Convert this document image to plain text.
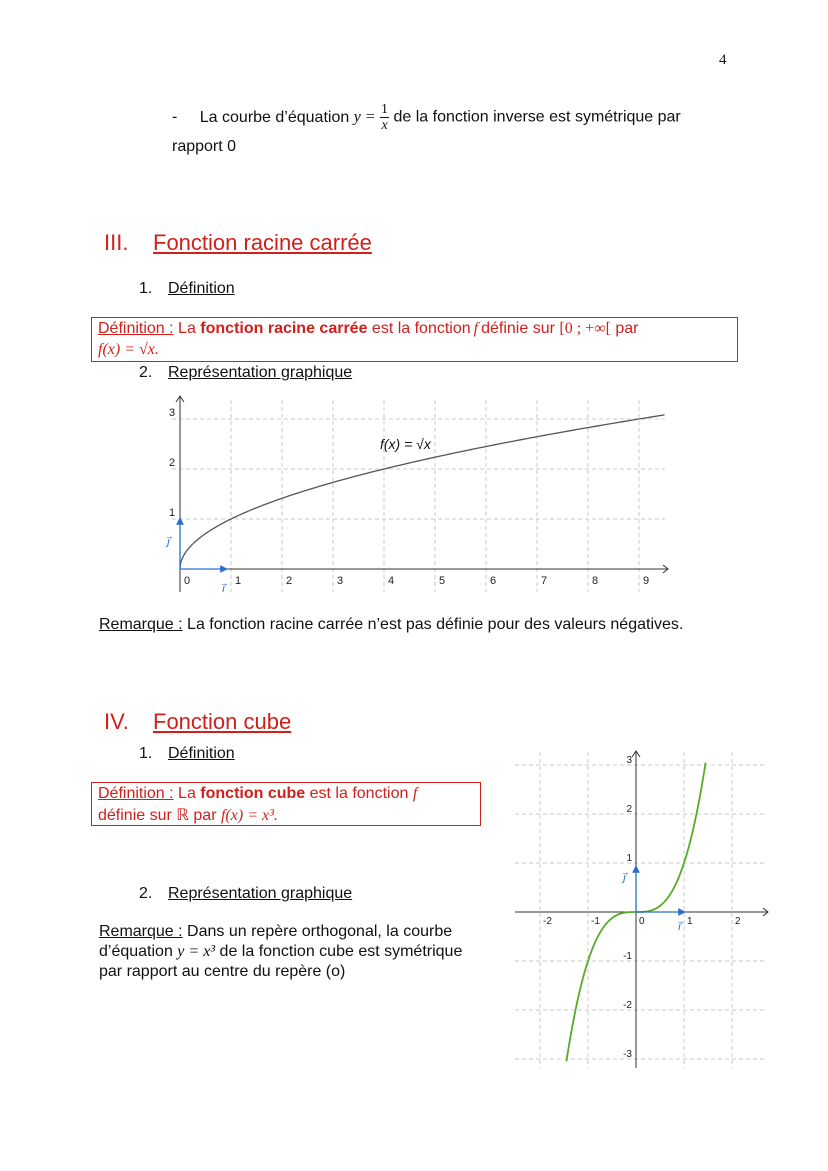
4
- La courbe d’équation $y = \frac{1}{x}$ de la fonction inverse est symétrique par
rapport 0
III. Fonction racine carrée
1. Définition
Définition : La fonction racine carrée est la fonction f définie sur [0 ; +∞[ par
f(x) = √x.
2. Représentation graphique
0	1	2	3	4	5	6	7	8	9
1
2
3
i⃗
j⃗
f(x) = √x
Remarque : La fonction racine carrée n’est pas définie pour des valeurs négatives.
IV. Fonction cube
1. Définition
Définition : La fonction cube est la fonction f
définie sur ℝ par f(x) = x³.
2. Représentation graphique
Remarque : Dans un repère orthogonal, la courbe
d’équation y = x³ de la fonction cube est symétrique
par rapport au centre du repère (o)
-2	-1	0	1	2
3
2
1
-1
-2
-3
i⃗
j⃗
